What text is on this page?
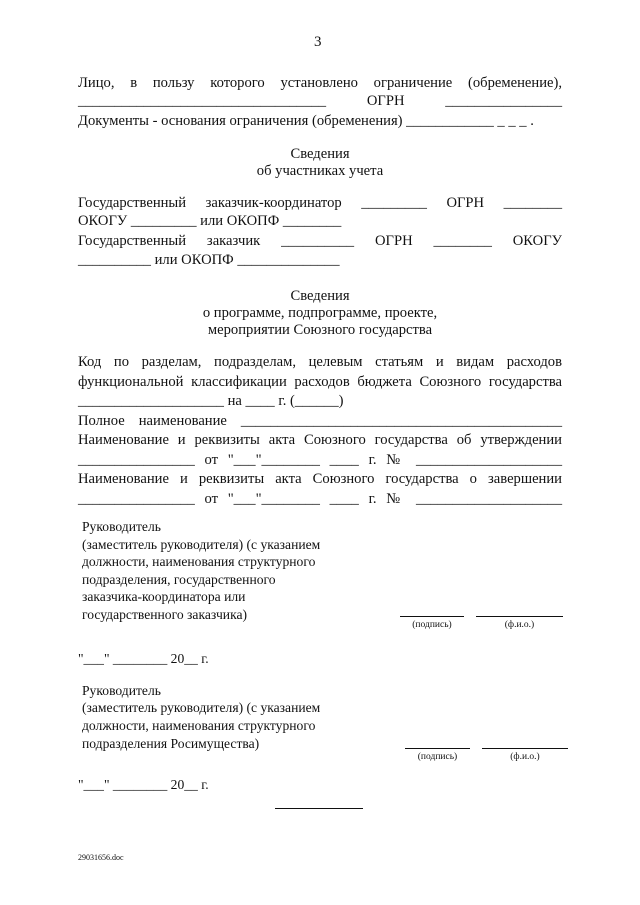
3
Лицо, в пользу которого установлено ограничение (обременение),
__________________________________ ОГРН ________________
Документы - основания ограничения (обременения) ____________ _ _ _ .
Сведения
об участниках учета
Государственный заказчик-координатор _________ ОГРН ________
ОКОГУ _________ или ОКОПФ ________
Государственный заказчик __________ ОГРН ________ ОКОГУ
__________ или ОКОПФ ______________
Сведения
о программе, подпрограмме, проекте,
мероприятии Союзного государства
Код по разделам, подразделам, целевым статьям и видам расходов
функциональной классификации расходов бюджета Союзного государства
____________________ на ____ г. (______)
Полное наименование ____________________________________________
Наименование и реквизиты акта Союзного государства об утверждении
________________ от "___"________ ____ г. № ____________________
Наименование и реквизиты акта Союзного государства о завершении
________________ от "___"________ ____ г. № ____________________
Руководитель
(заместитель руководителя) (с указанием
должности, наименования структурного
подразделения, государственного
заказчика-координатора или
государственного заказчика)
(подпись)	(ф.и.о.)
"___" ________ 20__ г.
Руководитель
(заместитель руководителя) (с указанием
должности, наименования структурного
подразделения Росимущества)
(подпись)	(ф.и.о.)
"___" ________ 20__ г.
29031656.doc
